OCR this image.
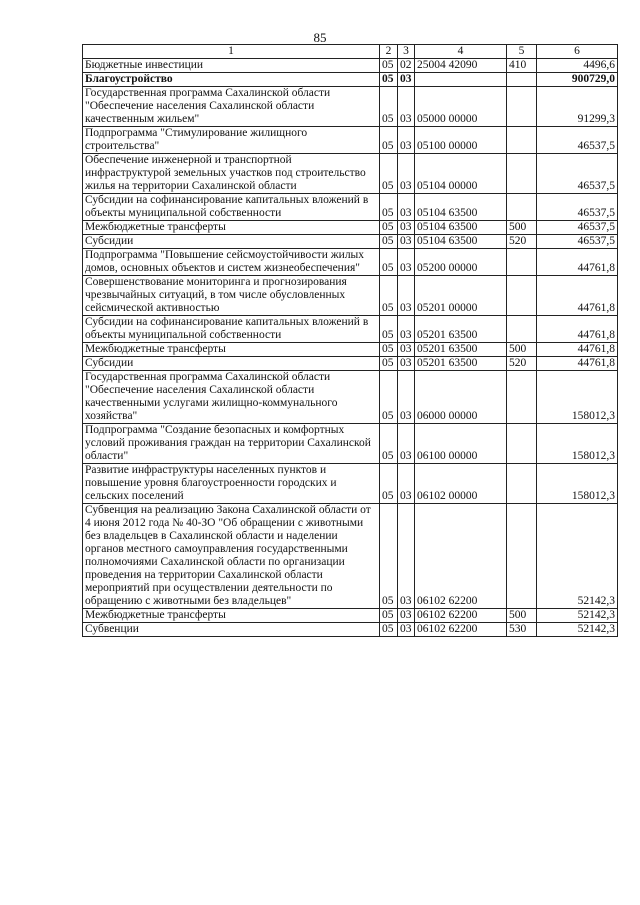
85
1	2	3	4	5	6
Бюджетные инвестиции	05	02	25004 42090	410	4496,6
Благоустройство	05	03			900729,0
Государственная программа Сахалинской области "Обеспечение населения Сахалинской области качественным жильем"	05	03	05000 00000		91299,3
Подпрограмма "Стимулирование жилищного строительства"	05	03	05100 00000		46537,5
Обеспечение инженерной и транспортной инфраструктурой земельных участков под строительство жилья на территории Сахалинской области	05	03	05104 00000		46537,5
Субсидии на софинансирование капитальных вложений в объекты муниципальной собственности	05	03	05104 63500		46537,5
Межбюджетные трансферты	05	03	05104 63500	500	46537,5
Субсидии	05	03	05104 63500	520	46537,5
Подпрограмма "Повышение сейсмоустойчивости жилых домов, основных объектов и систем жизнеобеспечения"	05	03	05200 00000		44761,8
Совершенствование мониторинга и прогнозирования чрезвычайных ситуаций, в том числе обусловленных сейсмической активностью	05	03	05201 00000		44761,8
Субсидии на софинансирование капитальных вложений в объекты муниципальной собственности	05	03	05201 63500		44761,8
Межбюджетные трансферты	05	03	05201 63500	500	44761,8
Субсидии	05	03	05201 63500	520	44761,8
Государственная программа Сахалинской области "Обеспечение населения Сахалинской области качественными услугами жилищно-коммунального хозяйства"	05	03	06000 00000		158012,3
Подпрограмма "Создание безопасных и комфортных условий проживания граждан на территории Сахалинской области"	05	03	06100 00000		158012,3
Развитие инфраструктуры населенных пунктов и повышение уровня благоустроенности городских и сельских поселений	05	03	06102 00000		158012,3
Субвенция на реализацию Закона Сахалинской области от 4 июня 2012 года № 40-ЗО "Об обращении с животными без владельцев в Сахалинской области и наделении органов местного самоуправления государственными полномочиями Сахалинской области по организации проведения на территории Сахалинской области мероприятий при осуществлении деятельности по обращению с животными без владельцев"	05	03	06102 62200		52142,3
Межбюджетные трансферты	05	03	06102 62200	500	52142,3
Субвенции	05	03	06102 62200	530	52142,3
